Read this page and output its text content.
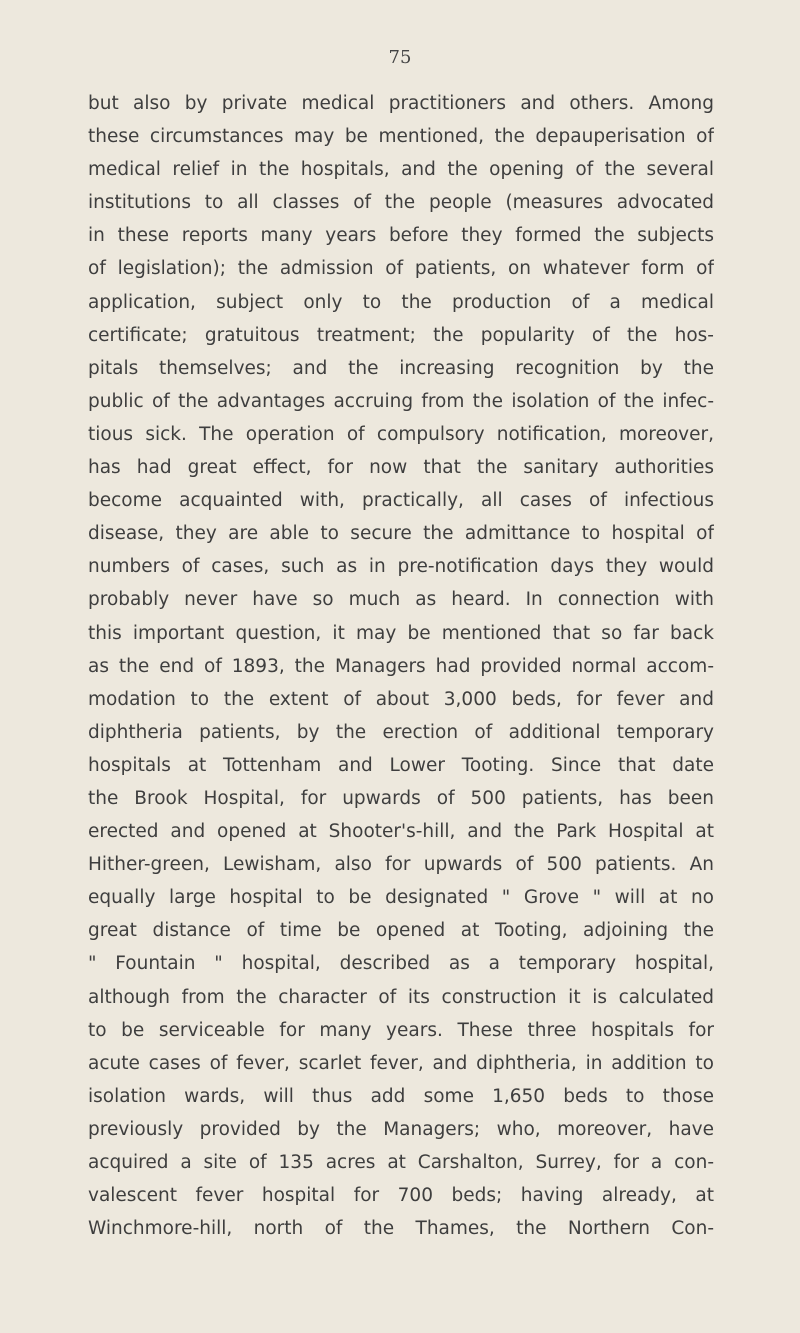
75
but also by private medical practitioners and others. Among
these circumstances may be mentioned, the depauperisation of
medical relief in the hospitals, and the opening of the several
institutions to all classes of the people (measures advocated
in these reports many years before they formed the subjects
of legislation); the admission of patients, on whatever form of
application, subject only to the production of a medical
certificate; gratuitous treatment; the popularity of the hos-
pitals themselves; and the increasing recognition by the
public of the advantages accruing from the isolation of the infec-
tious sick. The operation of compulsory notification, moreover,
has had great effect, for now that the sanitary authorities
become acquainted with, practically, all cases of infectious
disease, they are able to secure the admittance to hospital of
numbers of cases, such as in pre-notification days they would
probably never have so much as heard. In connection with
this important question, it may be mentioned that so far back
as the end of 1893, the Managers had provided normal accom-
modation to the extent of about 3,000 beds, for fever and
diphtheria patients, by the erection of additional temporary
hospitals at Tottenham and Lower Tooting. Since that date
the Brook Hospital, for upwards of 500 patients, has been
erected and opened at Shooter's-hill, and the Park Hospital at
Hither-green, Lewisham, also for upwards of 500 patients. An
equally large hospital to be designated " Grove " will at no
great distance of time be opened at Tooting, adjoining the
" Fountain " hospital, described as a temporary hospital,
although from the character of its construction it is calculated
to be serviceable for many years. These three hospitals for
acute cases of fever, scarlet fever, and diphtheria, in addition to
isolation wards, will thus add some 1,650 beds to those
previously provided by the Managers; who, moreover, have
acquired a site of 135 acres at Carshalton, Surrey, for a con-
valescent fever hospital for 700 beds; having already, at
Winchmore-hill, north of the Thames, the Northern Con-
